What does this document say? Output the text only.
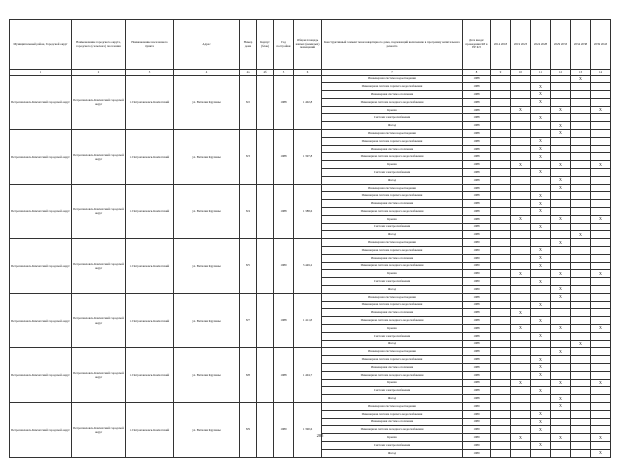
Муниципальный район, Городской округ	Наименование городского округа, городского (сельского) поселения	Наименование населенного пункта	Адрес	Номер дома	Корпус (блок)	Год постройки	Общая площадь жилых (нежилых) помещений	Конструктивный элемент многоквартирного дома, подлежащий включению в программу капитального ремонта	Дата ввода/ проведения КР в ЕР КЭ	2014 2018	2019 2023	2024 2028	2029 2033	2034 2038	2039 2043
1	2	3	4	4а	4б	5	6	7	8	9	10	11	12	13	14
Петропавловск-Камчатский городской округ	Петропавловск-Камчатский городской округ	г. Петропавловск-Камчатский	ул. Виталия Кручины	8/2		1988	1 402,8	Инженерная система водоотведения	1988					X	
								Инженерная система горячего водоснабжения	1988			X			
								Инженерная система отопления	1988			X			
								Инженерная система холодного водоснабжения	1988			X			
								Крыша	1988		X		X		X
								Система электроснабжения	1988			X			
								Фасад	1988				X		
Петропавловск-Камчатский городской округ	Петропавловск-Камчатский городской округ	г. Петропавловск-Камчатский	ул. Виталия Кручины	8/3		1988	1 397,8	Инженерная система водоотведения	1988				X		
								Инженерная система горячего водоснабжения	1988			X			
								Инженерная система отопления	1988			X			
								Инженерная система холодного водоснабжения	1988			X			
								Крыша	1988		X		X		X
								Система электроснабжения	1988			X			
								Фасад	1988				X		
Петропавловск-Камчатский городской округ	Петропавловск-Камчатский городской округ	г. Петропавловск-Камчатский	ул. Виталия Кручины	8/4		1988	1 388,6	Инженерная система водоотведения	1988				X		
								Инженерная система горячего водоснабжения	1988			X			
								Инженерная система отопления	1988			X			
								Инженерная система холодного водоснабжения	1988			X			
								Крыша	1988		X		X		X
								Система электроснабжения	1988			X			
								Фасад	1988					X	
Петропавловск-Камчатский городской округ	Петропавловск-Камчатский городской округ	г. Петропавловск-Камчатский	ул. Виталия Кручины	8/5		1989	3 449,2	Инженерная система водоотведения	1989				X		
								Инженерная система горячего водоснабжения	1989			X			
								Инженерная система отопления	1989			X			
								Инженерная система холодного водоснабжения	1989			X			
								Крыша	1989		X		X		X
								Система электроснабжения	1989			X			
								Фасад	1989				X		
Петропавловск-Камчатский городской округ	Петропавловск-Камчатский городской округ	г. Петропавловск-Камчатский	ул. Виталия Кручины	8/7		1988	1 411,8	Инженерная система водоотведения	1988				X		
								Инженерная система горячего водоснабжения	1988			X			
								Инженерная система отопления	1988		X				
								Инженерная система холодного водоснабжения	1988			X			
								Крыша	1988		X		X		X
								Система электроснабжения	1988			X			
								Фасад	1988					X	
Петропавловск-Камчатский городской округ	Петропавловск-Камчатский городской округ	г. Петропавловск-Камчатский	ул. Виталия Кручины	8/8		1988	1 404,7	Инженерная система водоотведения	1988				X		
								Инженерная система горячего водоснабжения	1988			X			
								Инженерная система отопления	1988			X			
								Инженерная система холодного водоснабжения	1988			X			
								Крыша	1988		X		X		X
								Система электроснабжения	1988			X			
								Фасад	1988				X		
Петропавловск-Камчатский городской округ	Петропавловск-Камчатский городской округ	г. Петропавловск-Камчатский	ул. Виталия Кручины	8/9		1989	1 390,6	Инженерная система водоотведения	1989				X		
								Инженерная система горячего водоснабжения	1989			X			
								Инженерная система отопления	1989			X			
								Инженерная система холодного водоснабжения	1989			X			
								Крыша	1989		X		X		X
								Система электроснабжения	1989			X			
								Фасад	1989						X
205
